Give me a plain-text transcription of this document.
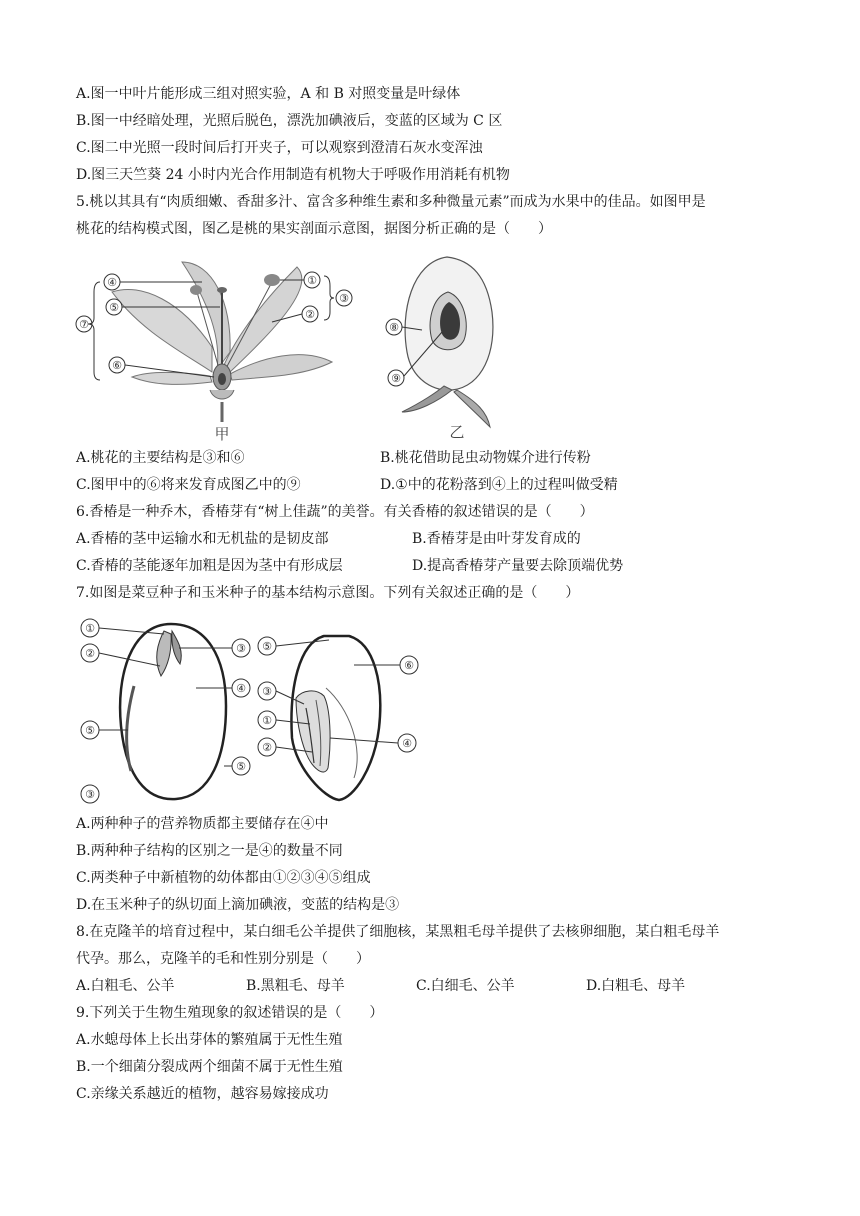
A.图一中叶片能形成三组对照实验，A 和 B 对照变量是叶绿体
B.图一中经暗处理，光照后脱色，漂洗加碘液后，变蓝的区域为 C 区
C.图二中光照一段时间后打开夹子，可以观察到澄清石灰水变浑浊
D.图三天竺葵 24 小时内光合作用制造有机物大于呼吸作用消耗有机物
5.桃以其具有“肉质细嫩、香甜多汁、富含多种维生素和多种微量元素”而成为水果中的佳品。如图甲是
桃花的结构模式图，图乙是桃的果实剖面示意图，据图分析正确的是（　　）
④
⑤
⑦
⑥
①
②
③
甲
⑧
⑨
乙
A.桃花的主要结构是③和⑥	B.桃花借助昆虫动物媒介进行传粉
C.图甲中的⑥将来发育成图乙中的⑨	D.①中的花粉落到④上的过程叫做受精
6.香椿是一种乔木，香椿芽有“树上佳蔬”的美誉。有关香椿的叙述错误的是（　　）
A.香椿的茎中运输水和无机盐的是韧皮部	B.香椿芽是由叶芽发育成的
C.香椿的茎能逐年加粗是因为茎中有形成层	D.提高香椿芽产量要去除顶端优势
7.如图是菜豆种子和玉米种子的基本结构示意图。下列有关叙述正确的是（　　）
①
②	③
④
⑤
⑤
③
⑤
⑥
③
①
②	④
A.两种种子的营养物质都主要储存在④中
B.两种种子结构的区别之一是④的数量不同
C.两类种子中新植物的幼体都由①②③④⑤组成
D.在玉米种子的纵切面上滴加碘液，变蓝的结构是③
8.在克隆羊的培育过程中，某白细毛公羊提供了细胞核，某黑粗毛母羊提供了去核卵细胞，某白粗毛母羊
代孕。那么，克隆羊的毛和性别分别是（　　）
A.白粗毛、公羊	B.黑粗毛、母羊	C.白细毛、公羊	D.白粗毛、母羊
9.下列关于生物生殖现象的叙述错误的是（　　）
A.水螅母体上长出芽体的繁殖属于无性生殖
B.一个细菌分裂成两个细菌不属于无性生殖
C.亲缘关系越近的植物，越容易嫁接成功
